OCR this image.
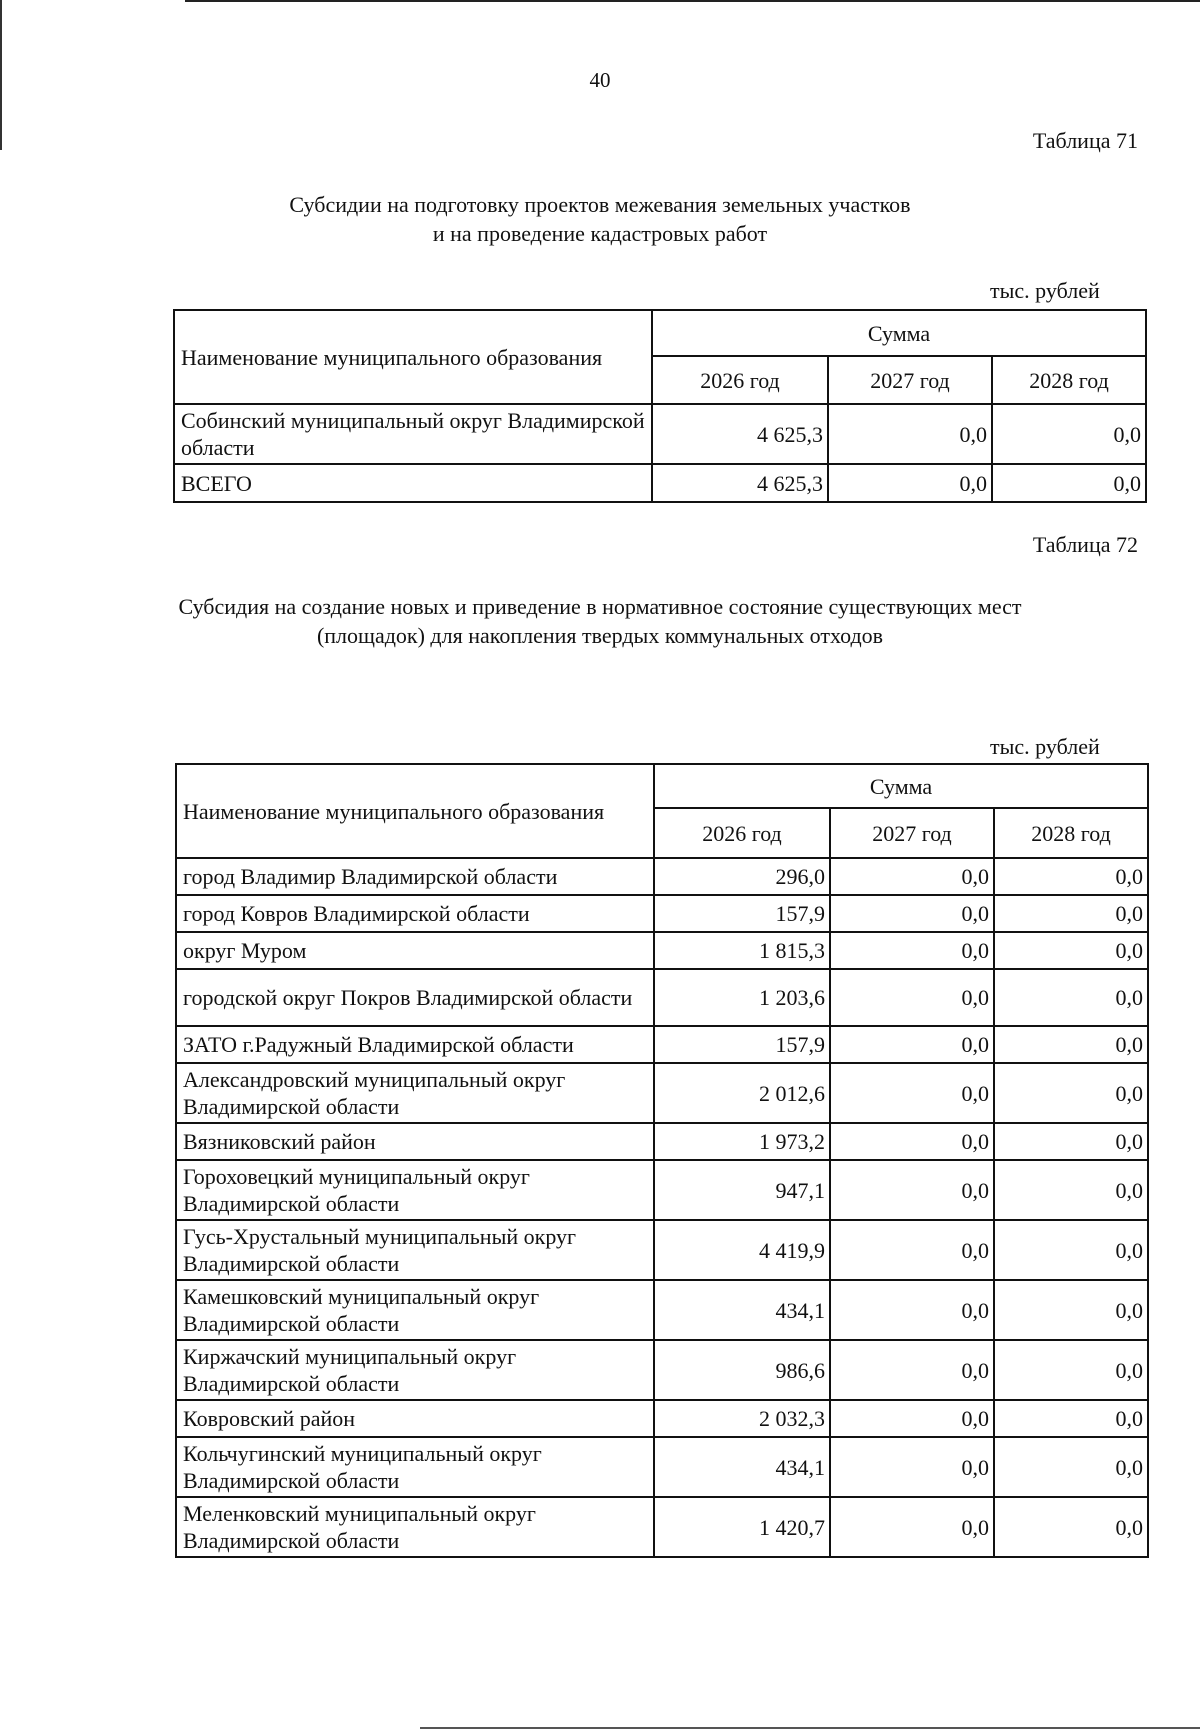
40
Таблица 71
Субсидии на подготовку проектов межевания земельных участков
и на проведение кадастровых работ
тыс. рублей
Наименование муниципального образования	Сумма		
	2026 год	2027 год	2028 год
Собинский муниципальный округ Владимирской области	4 625,3	0,0	0,0
ВСЕГО	4 625,3	0,0	0,0
Таблица 72
Субсидия на создание новых и приведение в нормативное состояние существующих мест
(площадок) для накопления твердых коммунальных отходов
тыс. рублей
Наименование муниципального образования	Сумма		
	2026 год	2027 год	2028 год
город Владимир Владимирской области	296,0	0,0	0,0
город Ковров Владимирской области	157,9	0,0	0,0
округ Муром	1 815,3	0,0	0,0
городской округ Покров Владимирской области	1 203,6	0,0	0,0
ЗАТО г.Радужный Владимирской области	157,9	0,0	0,0
Александровский муниципальный округ Владимирской области	2 012,6	0,0	0,0
Вязниковский район	1 973,2	0,0	0,0
Гороховецкий муниципальный округ Владимирской области	947,1	0,0	0,0
Гусь-Хрустальный муниципальный округ Владимирской области	4 419,9	0,0	0,0
Камешковский муниципальный округ Владимирской области	434,1	0,0	0,0
Киржачский муниципальный округ Владимирской области	986,6	0,0	0,0
Ковровский район	2 032,3	0,0	0,0
Кольчугинский муниципальный округ Владимирской области	434,1	0,0	0,0
Меленковский муниципальный округ Владимирской области	1 420,7	0,0	0,0
